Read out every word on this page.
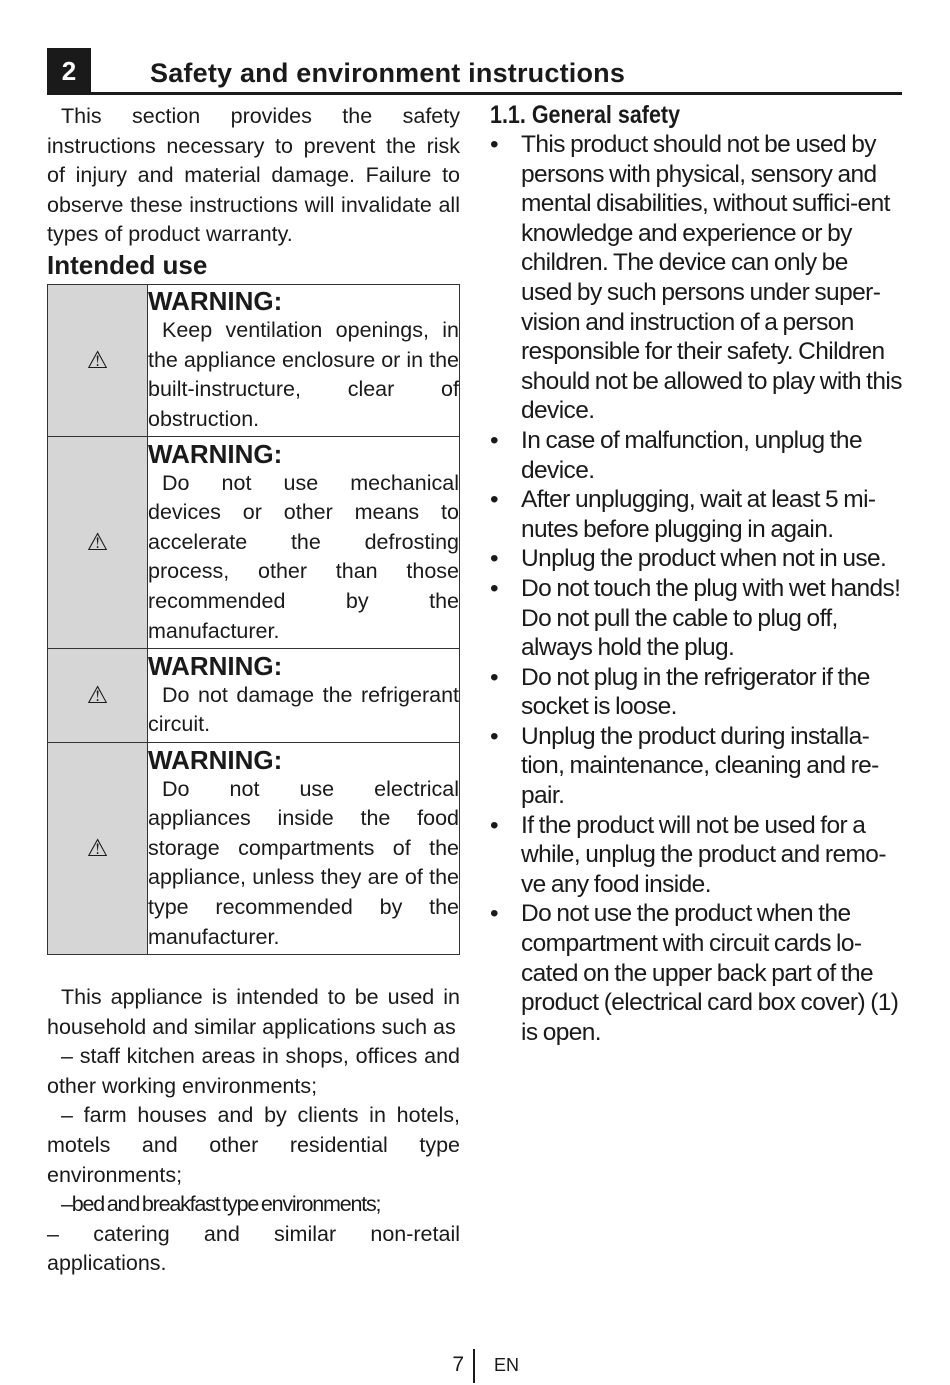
2	Safety and environment instructions

This section provides the safety instructions necessary to prevent the risk of injury and material damage. Failure to observe these instructions will invalidate all types of product warranty.

Intended use
⚠	WARNING:
Keep ventilation openings, in the appliance enclosure or in the built-instructure, clear of obstruction.

⚠	WARNING:
Do not use mechanical devices or other means to accelerate the defrosting process, other than those recommended by the manufacturer.

⚠	WARNING:
Do not damage the refrigerant circuit.

⚠	WARNING:
Do not use electrical appliances inside the food storage compartments of the appliance, unless they are of the type recommended by the manufacturer.

This appliance is intended to be used in household and similar applications such as

– staff kitchen areas in shops, offices and other working environments;

– farm houses and by clients in hotels, motels and other residential type environments;

–bed and breakfast type environments;

– catering and similar non-retail applications.

1.1. General safety
• This product should not be used by persons with physical, sensory and mental disabilities, without suffici-ent knowledge and experience or by children. The device can only be used by such persons under super-vision and instruction of a person responsible for their safety. Children should not be allowed to play with this device.
• In case of malfunction, unplug the device.
• After unplugging, wait at least 5 mi-nutes before plugging in again.
• Unplug the product when not in use.
• Do not touch the plug with wet hands! Do not pull the cable to plug off, always hold the plug.
• Do not plug in the refrigerator if the socket is loose.
• Unplug the product during installa-tion, maintenance, cleaning and re-pair.
• If the product will not be used for a while, unplug the product and remo-ve any food inside.
• Do not use the product when the compartment with circuit cards lo-cated on the upper back part of the product (electrical card box cover) (1) is open.
7 EN
